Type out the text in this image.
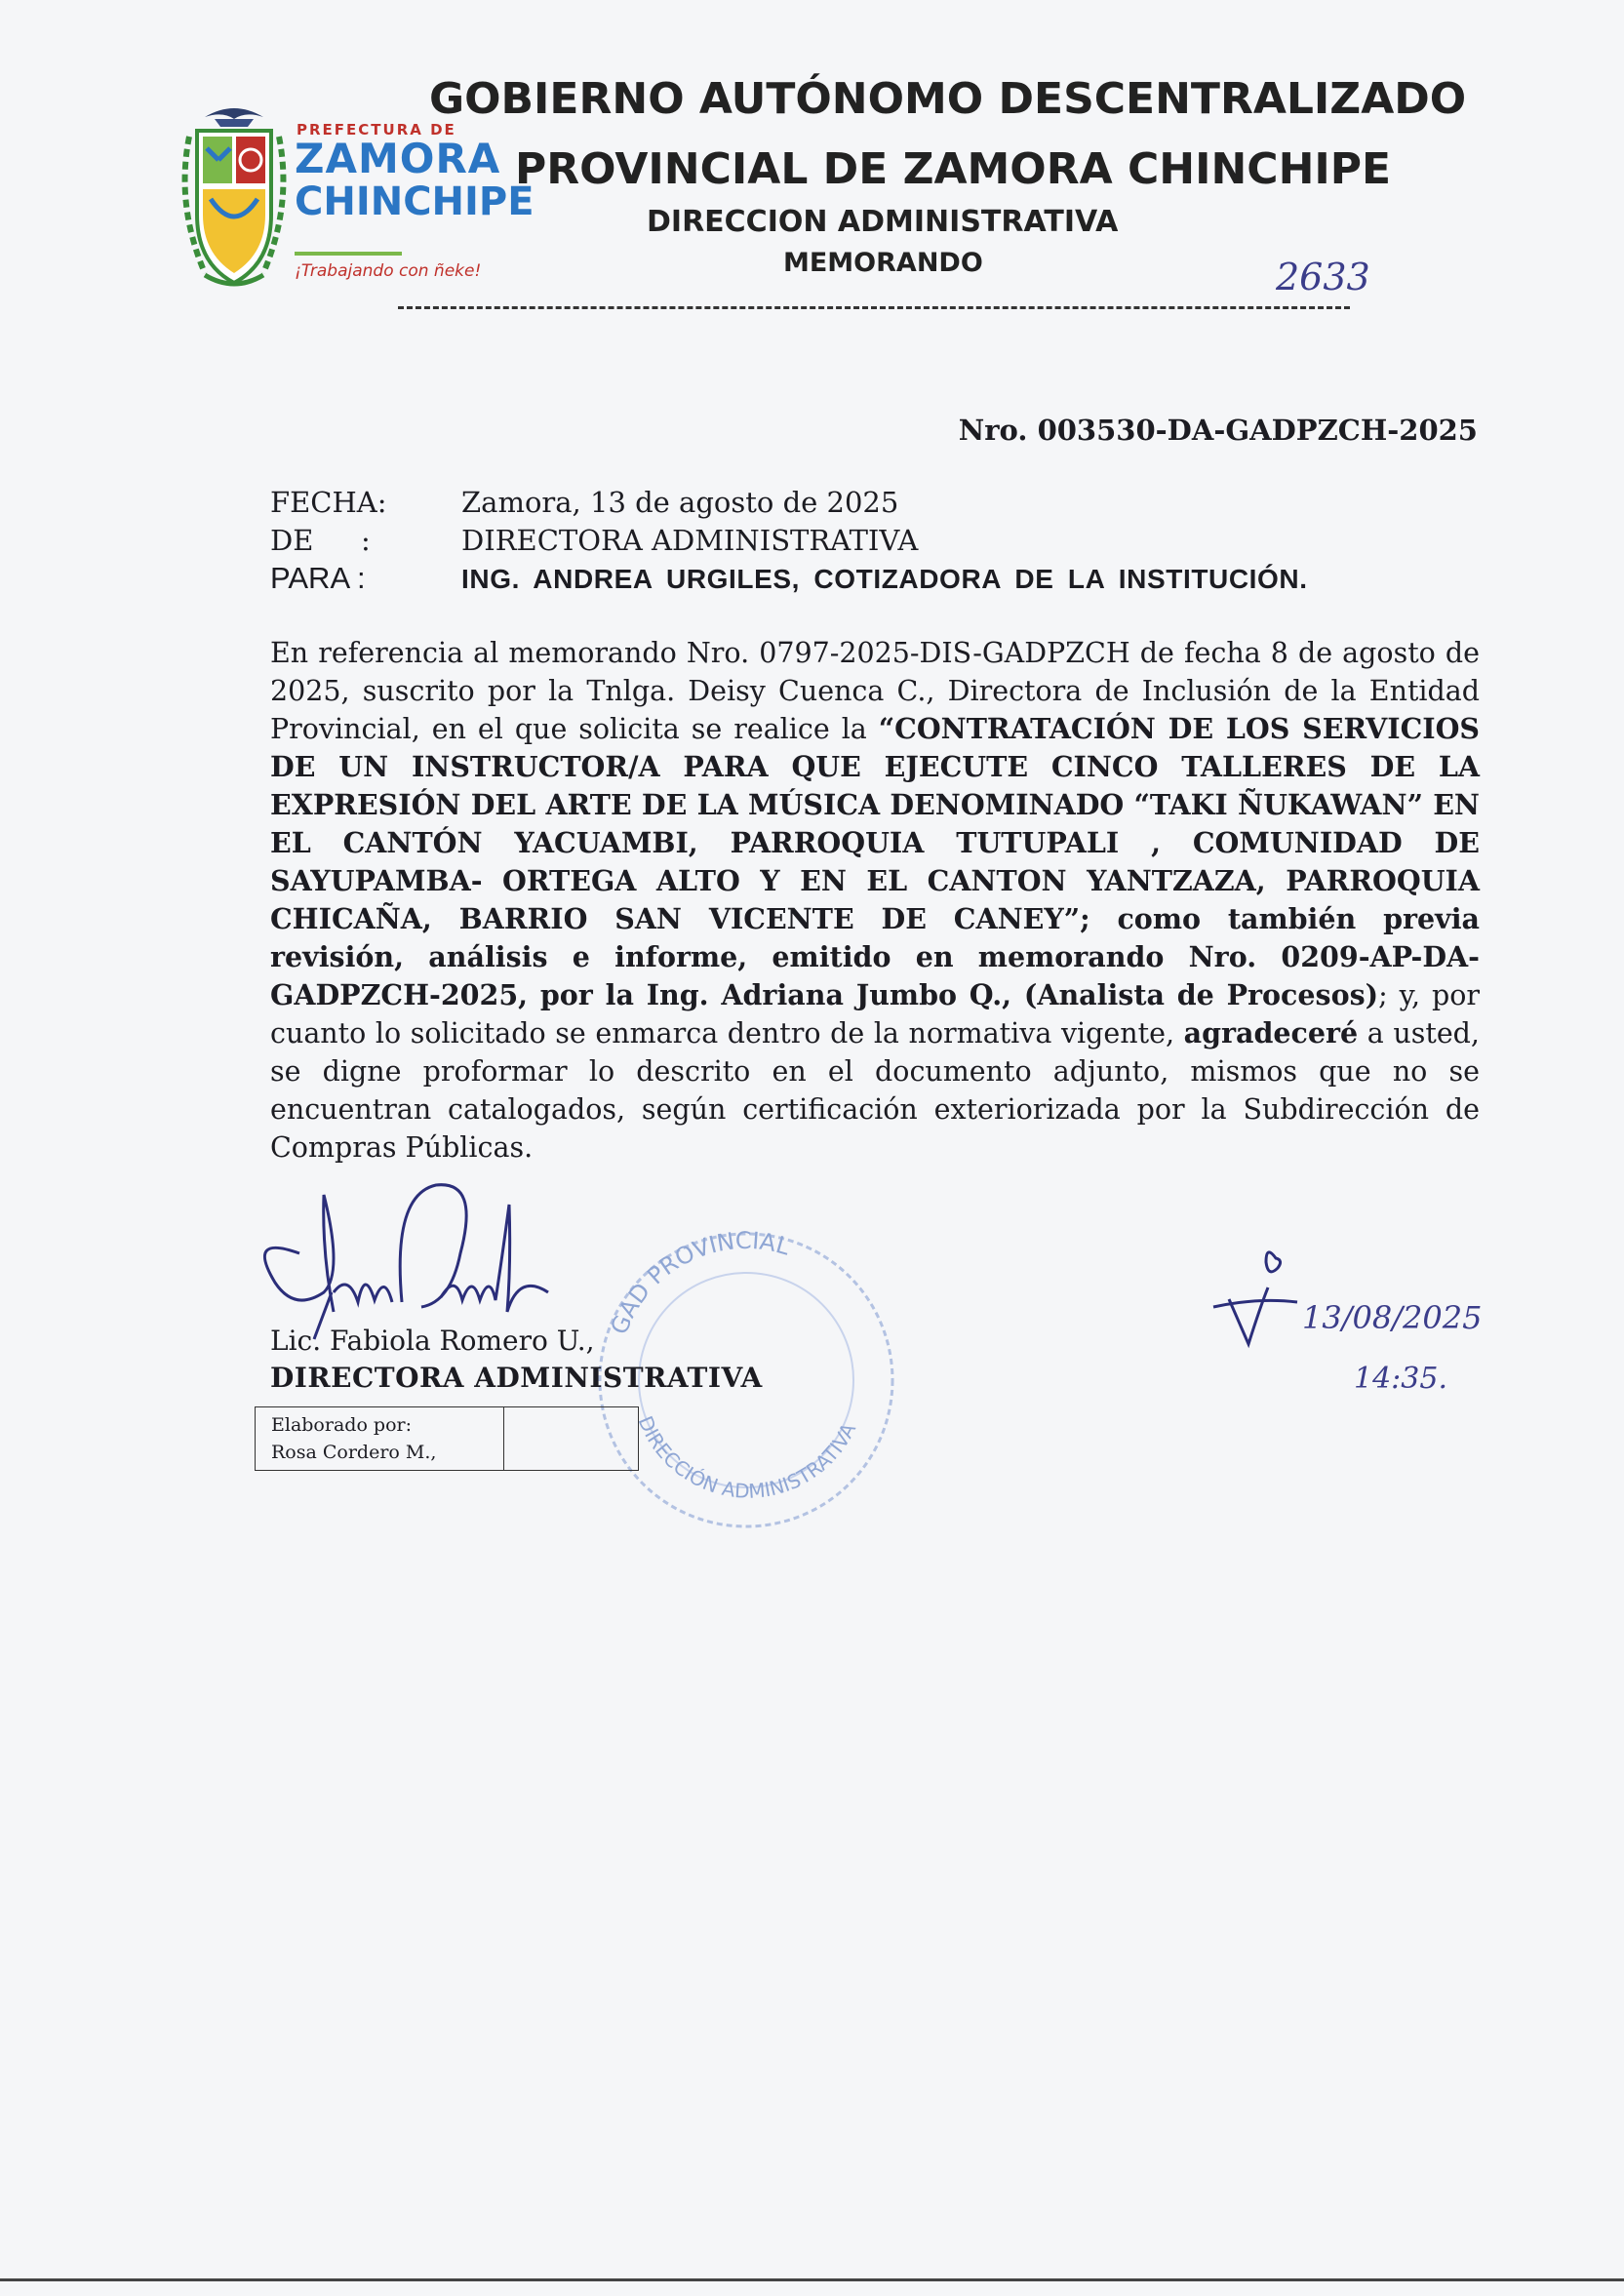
PREFECTURA DE
ZAMORA
CHINCHIPE
¡Trabajando con ñeke!
GOBIERNO AUTÓNOMO DESCENTRALIZADO
PROVINCIAL DE ZAMORA CHINCHIPE
DIRECCION ADMINISTRATIVA
MEMORANDO	2633
Nro. 003530-DA-GADPZCH-2025
FECHA:	Zamora, 13 de agosto de 2025
DE :	DIRECTORA ADMINISTRATIVA
PARA :	ING. ANDREA URGILES, COTIZADORA DE LA INSTITUCIÓN.
En referencia al memorando Nro. 0797-2025-DIS-GADPZCH de fecha 8 de agosto de 2025, suscrito por la Tnlga. Deisy Cuenca C., Directora de Inclusión de la Entidad Provincial, en el que solicita se realice la “CONTRATACIÓN DE LOS SERVICIOS DE UN INSTRUCTOR/A PARA QUE EJECUTE CINCO TALLERES DE LA EXPRESIÓN DEL ARTE DE LA MÚSICA DENOMINADO “TAKI ÑUKAWAN” EN EL CANTÓN YACUAMBI, PARROQUIA TUTUPALI , COMUNIDAD DE SAYUPAMBA- ORTEGA ALTO Y EN EL CANTON YANTZAZA, PARROQUIA CHICAÑA, BARRIO SAN VICENTE DE CANEY”; como también previa revisión, análisis e informe, emitido en memorando Nro. 0209-AP-DA-GADPZCH-2025, por la Ing. Adriana Jumbo Q., (Analista de Procesos); y, por cuanto lo solicitado se enmarca dentro de la normativa vigente, agradeceré a usted, se digne proformar lo descrito en el documento adjunto, mismos que no se encuentran catalogados, según certificación exteriorizada por la Subdirección de Compras Públicas.
GAD PROVINCIAL
DIRECCIÓN ADMINISTRATIVA
Lic. Fabiola Romero U.,
DIRECTORA ADMINISTRATIVA
Elaborado por:
Rosa Cordero M.,
13/08/2025
14:35.
